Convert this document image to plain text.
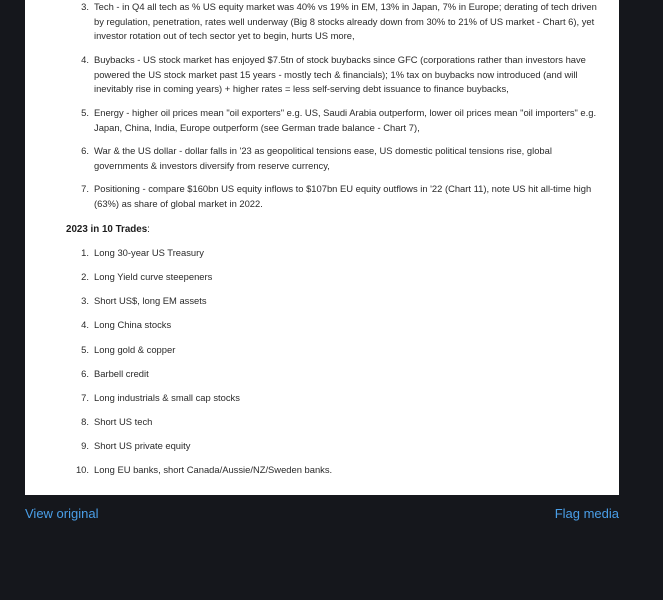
3. Tech - in Q4 all tech as % US equity market was 40% vs 19% in EM, 13% in Japan, 7% in Europe; derating of tech driven by regulation, penetration, rates well underway (Big 8 stocks already down from 30% to 21% of US market - Chart 6), yet investor rotation out of tech sector yet to begin, hurts US more,
4. Buybacks - US stock market has enjoyed $7.5tn of stock buybacks since GFC (corporations rather than investors have powered the US stock market past 15 years - mostly tech & financials); 1% tax on buybacks now introduced (and will inevitably rise in coming years) + higher rates = less self-serving debt issuance to finance buybacks,
5. Energy - higher oil prices mean "oil exporters" e.g. US, Saudi Arabia outperform, lower oil prices mean "oil importers" e.g. Japan, China, India, Europe outperform (see German trade balance - Chart 7),
6. War & the US dollar - dollar falls in '23 as geopolitical tensions ease, US domestic political tensions rise, global governments & investors diversify from reserve currency,
7. Positioning - compare $160bn US equity inflows to $107bn EU equity outflows in '22 (Chart 11), note US hit all-time high (63%) as share of global market in 2022.
2023 in 10 Trades:
1. Long 30-year US Treasury
2. Long Yield curve steepeners
3. Short US$, long EM assets
4. Long China stocks
5. Long gold & copper
6. Barbell credit
7. Long industrials & small cap stocks
8. Short US tech
9. Short US private equity
10. Long EU banks, short Canada/Aussie/NZ/Sweden banks.
View original	Flag media
